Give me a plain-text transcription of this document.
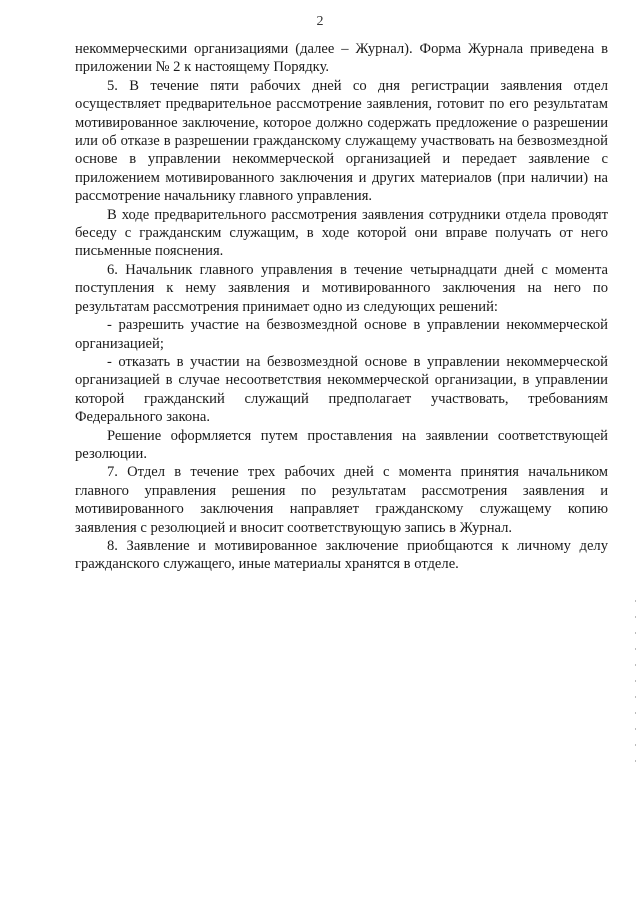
2

некоммерческими организациями (далее – Журнал). Форма Журнала приведена в приложении № 2 к настоящему Порядку.

5. В течение пяти рабочих дней со дня регистрации заявления отдел осуществляет предварительное рассмотрение заявления, готовит по его результатам мотивированное заключение, которое должно содержать предложение о разрешении или об отказе в разрешении гражданскому служащему участвовать на безвозмездной основе в управлении некоммерческой организацией и передает заявление с приложением мотивированного заключения и других материалов (при наличии) на рассмотрение начальнику главного управления.

В ходе предварительного рассмотрения заявления сотрудники отдела проводят беседу с гражданским служащим, в ходе которой они вправе получать от него письменные пояснения.

6. Начальник главного управления в течение четырнадцати дней с момента поступления к нему заявления и мотивированного заключения на него по результатам рассмотрения принимает одно из следующих решений:

- разрешить участие на безвозмездной основе в управлении некоммерческой организацией;

- отказать в участии на безвозмездной основе в управлении некоммерческой организацией в случае несоответствия некоммерческой организации, в управлении которой гражданский служащий предполагает участвовать, требованиям Федерального закона.

Решение оформляется путем проставления на заявлении соответствующей резолюции.

7. Отдел в течение трех рабочих дней с момента принятия начальником главного управления решения по результатам рассмотрения заявления и мотивированного заключения направляет гражданскому служащему копию заявления с резолюцией и вносит соответствующую запись в Журнал.

8. Заявление и мотивированное заключение приобщаются к личному делу гражданского служащего, иные материалы хранятся в отделе.
